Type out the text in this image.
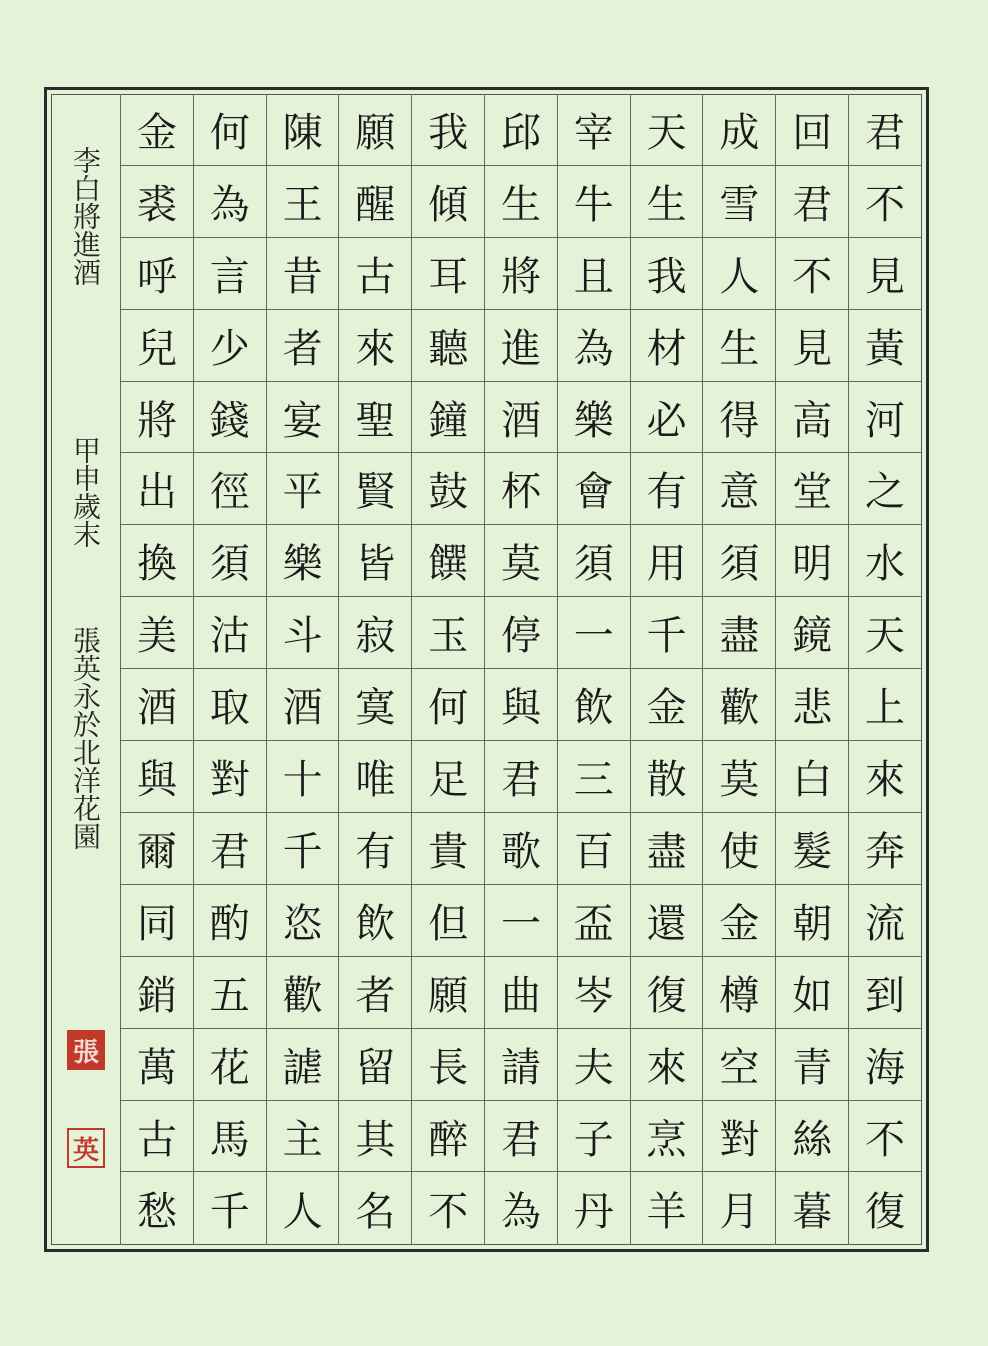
李白將進酒
甲申歲末
張英永於北洋花園
張
英
君
不
見
黃
河
之
水
天
上
來
奔
流
到
海
不
復
回
君
不
見
高
堂
明
鏡
悲
白
髮
朝
如
青
絲
暮
成
雪
人
生
得
意
須
盡
歡
莫
使
金
樽
空
對
月
天
生
我
材
必
有
用
千
金
散
盡
還
復
來
烹
羊
宰
牛
且
為
樂
會
須
一
飲
三
百
盃
岑
夫
子
丹
邱
生
將
進
酒
杯
莫
停
與
君
歌
一
曲
請
君
為
我
傾
耳
聽
鐘
鼓
饌
玉
何
足
貴
但
願
長
醉
不
願
醒
古
來
聖
賢
皆
寂
寞
唯
有
飲
者
留
其
名
陳
王
昔
者
宴
平
樂
斗
酒
十
千
恣
歡
謔
主
人
何
為
言
少
錢
徑
須
沽
取
對
君
酌
五
花
馬
千
金
裘
呼
兒
將
出
換
美
酒
與
爾
同
銷
萬
古
愁
